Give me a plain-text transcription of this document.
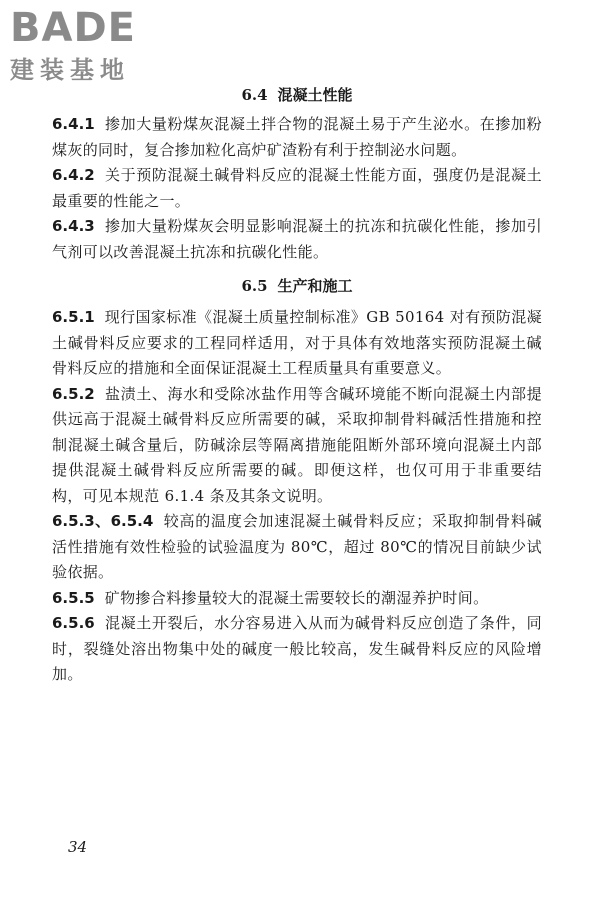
BADE
建装基地
6.4 混凝土性能

6.4.1 掺加大量粉煤灰混凝土拌合物的混凝土易于产生泌水。在掺加粉煤灰的同时，复合掺加粒化高炉矿渣粉有利于控制泌水问题。

6.4.2 关于预防混凝土碱骨料反应的混凝土性能方面，强度仍是混凝土最重要的性能之一。

6.4.3 掺加大量粉煤灰会明显影响混凝土的抗冻和抗碳化性能，掺加引气剂可以改善混凝土抗冻和抗碳化性能。

6.5 生产和施工

6.5.1 现行国家标准《混凝土质量控制标准》GB 50164 对有预防混凝土碱骨料反应要求的工程同样适用，对于具体有效地落实预防混凝土碱骨料反应的措施和全面保证混凝土工程质量具有重要意义。

6.5.2 盐渍土、海水和受除冰盐作用等含碱环境能不断向混凝土内部提供远高于混凝土碱骨料反应所需要的碱，采取抑制骨料碱活性措施和控制混凝土碱含量后，防碱涂层等隔离措施能阻断外部环境向混凝土内部提供混凝土碱骨料反应所需要的碱。即便这样，也仅可用于非重要结构，可见本规范 6.1.4 条及其条文说明。

6.5.3、6.5.4 较高的温度会加速混凝土碱骨料反应；采取抑制骨料碱活性措施有效性检验的试验温度为 80℃，超过 80℃的情况目前缺少试验依据。

6.5.5 矿物掺合料掺量较大的混凝土需要较长的潮湿养护时间。

6.5.6 混凝土开裂后，水分容易进入从而为碱骨料反应创造了条件，同时，裂缝处溶出物集中处的碱度一般比较高，发生碱骨料反应的风险增加。

34
